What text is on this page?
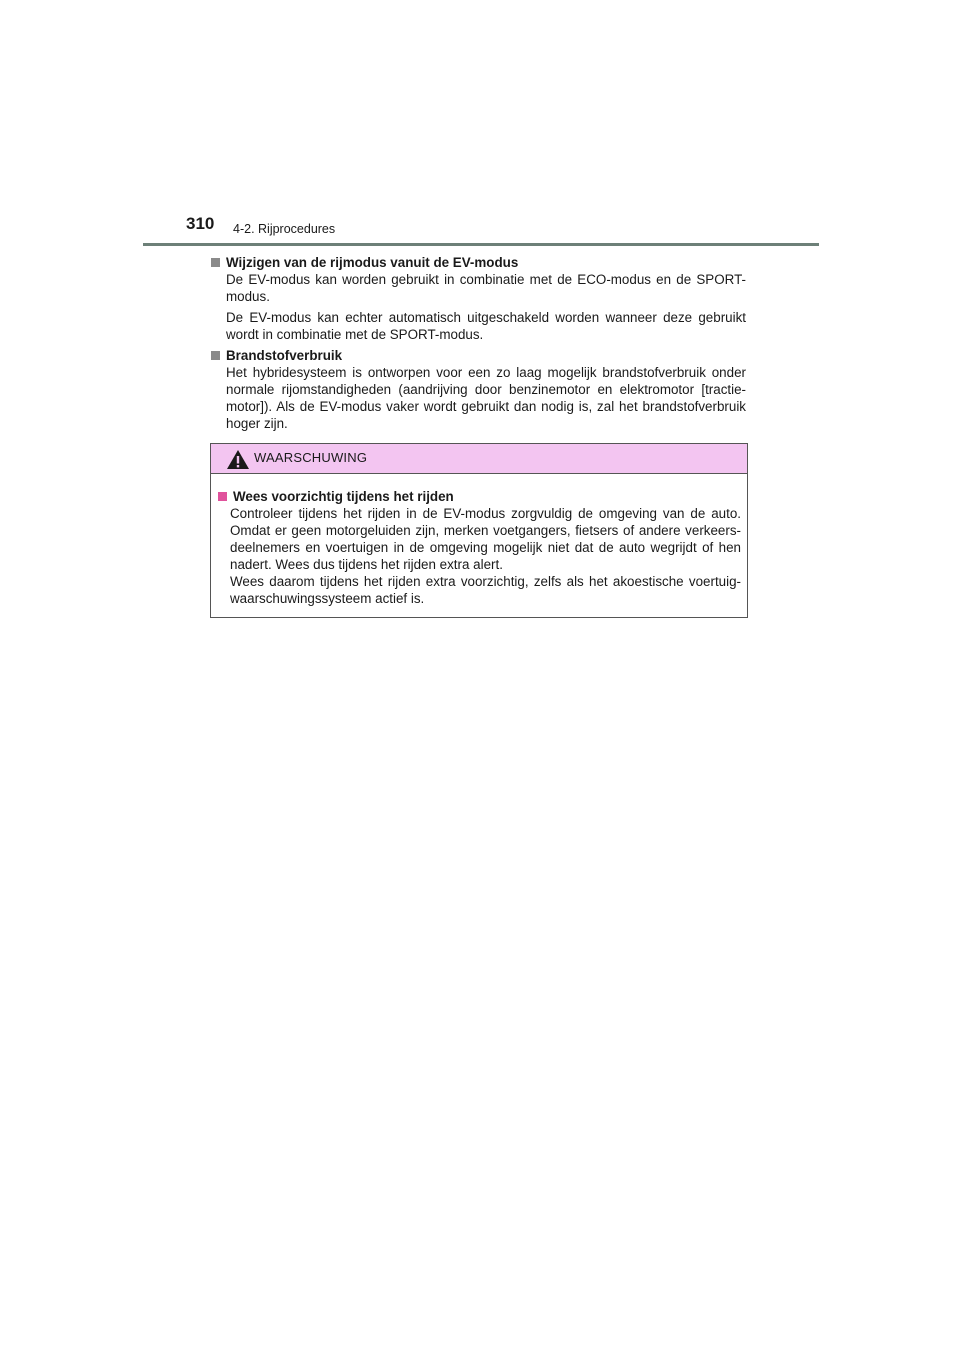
310 4-2. Rijprocedures
Wijzigen van de rijmodus vanuit de EV-modus

De EV-modus kan worden gebruikt in combinatie met de ECO-modus en de SPORT-modus.

De EV-modus kan echter automatisch uitgeschakeld worden wanneer deze gebruikt wordt in combinatie met de SPORT-modus.

Brandstofverbruik

Het hybridesysteem is ontworpen voor een zo laag mogelijk brandstofverbruik onder normale rijomstandigheden (aandrijving door benzinemotor en elektromotor [tractie-motor]). Als de EV-modus vaker wordt gebruikt dan nodig is, zal het brandstofverbruik hoger zijn.

WAARSCHUWING
Wees voorzichtig tijdens het rijden

Controleer tijdens het rijden in de EV-modus zorgvuldig de omgeving van de auto. Omdat er geen motorgeluiden zijn, merken voetgangers, fietsers of andere verkeers-deelnemers en voertuigen in de omgeving mogelijk niet dat de auto wegrijdt of hen nadert. Wees dus tijdens het rijden extra alert.

Wees daarom tijdens het rijden extra voorzichtig, zelfs als het akoestische voertuig-waarschuwingssysteem actief is.
